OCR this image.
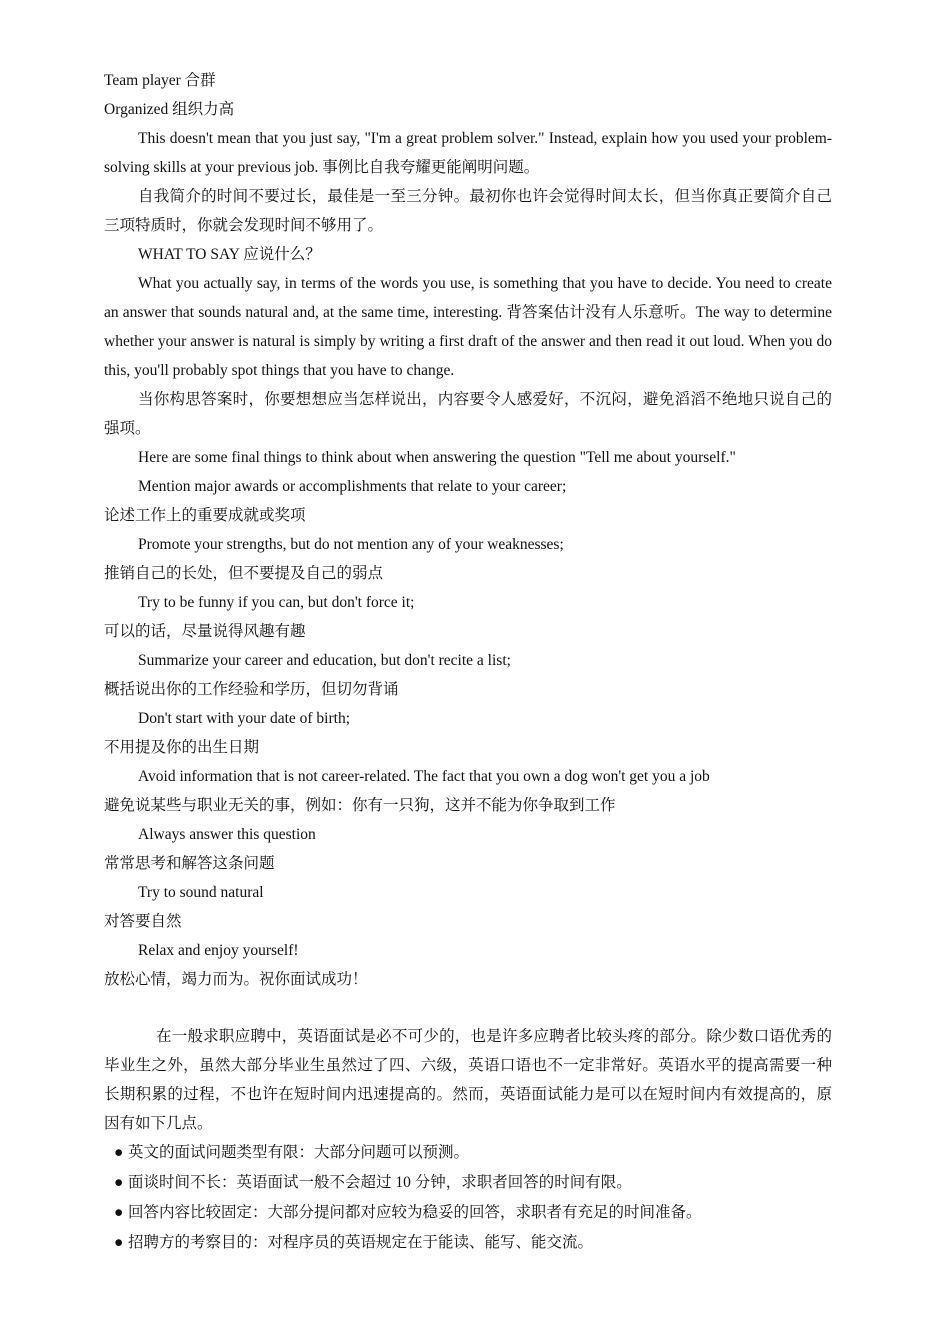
Team player 合群

Organized 组织力高

This doesn't mean that you just say, "I'm a great problem solver." Instead, explain how you used your problem-solving skills at your previous job. 事例比自我夸耀更能阐明问题。

自我简介的时间不要过长，最佳是一至三分钟。最初你也许会觉得时间太长，但当你真正要简介自己三项特质时，你就会发现时间不够用了。

WHAT TO SAY 应说什么？

What you actually say, in terms of the words you use, is something that you have to decide. You need to create an answer that sounds natural and, at the same time, interesting. 背答案估计没有人乐意听。The way to determine whether your answer is natural is simply by writing a first draft of the answer and then read it out loud. When you do this, you'll probably spot things that you have to change.

当你构思答案时，你要想想应当怎样说出，内容要令人感爱好，不沉闷，避免滔滔不绝地只说自己的强项。

Here are some final things to think about when answering the question "Tell me about yourself."

Mention major awards or accomplishments that relate to your career;

论述工作上的重要成就或奖项

Promote your strengths, but do not mention any of your weaknesses;

推销自己的长处，但不要提及自己的弱点

Try to be funny if you can, but don't force it;

可以的话，尽量说得风趣有趣

Summarize your career and education, but don't recite a list;

概括说出你的工作经验和学历，但切勿背诵

Don't start with your date of birth;

不用提及你的出生日期

Avoid information that is not career-related. The fact that you own a dog won't get you a job

避免说某些与职业无关的事，例如：你有一只狗，这并不能为你争取到工作

Always answer this question

常常思考和解答这条问题

Try to sound natural

对答要自然

Relax and enjoy yourself!

放松心情，竭力而为。祝你面试成功！

在一般求职应聘中，英语面试是必不可少的，也是许多应聘者比较头疼的部分。除少数口语优秀的毕业生之外，虽然大部分毕业生虽然过了四、六级，英语口语也不一定非常好。英语水平的提高需要一种长期积累的过程，不也许在短时间内迅速提高的。然而，英语面试能力是可以在短时间内有效提高的，原因有如下几点。

● 英文的面试问题类型有限：大部分问题可以预测。
● 面谈时间不长：英语面试一般不会超过 10 分钟，求职者回答的时间有限。
● 回答内容比较固定：大部分提问都对应较为稳妥的回答，求职者有充足的时间准备。
● 招聘方的考察目的：对程序员的英语规定在于能读、能写、能交流。
